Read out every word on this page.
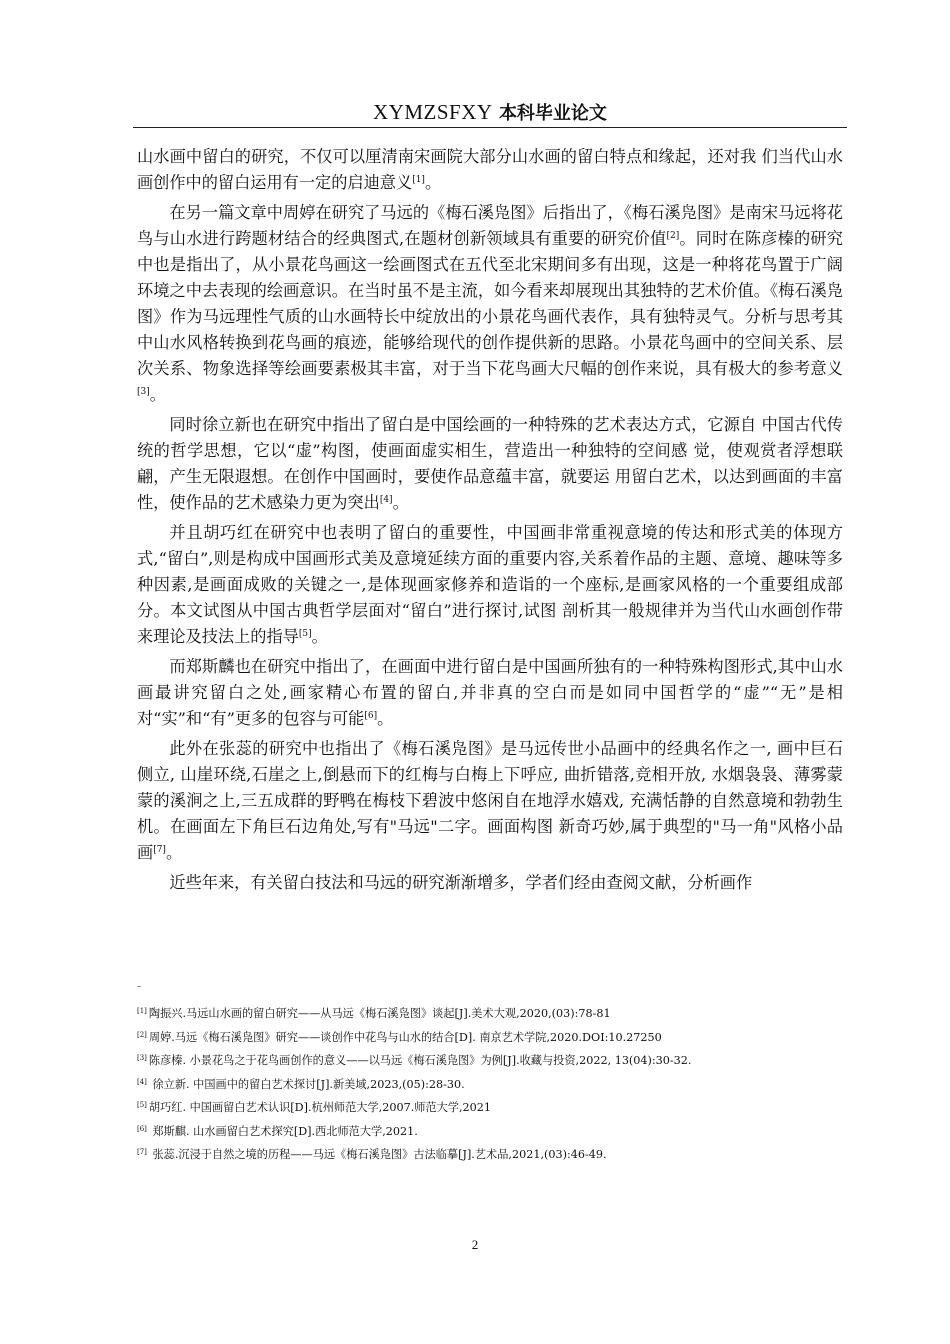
XYMZSFXY 本科毕业论文

山水画中留白的研究，不仅可以厘清南宋画院大部分山水画的留白特点和缘起，还对我 们当代山水画创作中的留白运用有一定的启迪意义[1]。

在另一篇文章中周婷在研究了马远的《梅石溪凫图》后指出了，《梅石溪凫图》是南宋马远将花鸟与山水进行跨题材结合的经典图式,在题材创新领域具有重要的研究价值[2]。同时在陈彦榛的研究中也是指出了，从小景花鸟画这一绘画图式在五代至北宋期间多有出现，这是一种将花鸟置于广阔环境之中去表现的绘画意识。在当时虽不是主流，如今看来却展现出其独特的艺术价值。《梅石溪凫图》作为马远理性气质的山水画特长中绽放出的小景花鸟画代表作，具有独特灵气。分析与思考其中山水风格转换到花鸟画的痕迹，能够给现代的创作提供新的思路。小景花鸟画中的空间关系、层次关系、物象选择等绘画要素极其丰富，对于当下花鸟画大尺幅的创作来说，具有极大的参考意义[3]。

同时徐立新也在研究中指出了留白是中国绘画的一种特殊的艺术表达方式，它源自 中国古代传统的哲学思想，它以“虚”构图，使画面虚实相生，营造出一种独特的空间感 觉，使观赏者浮想联翩，产生无限遐想。在创作中国画时，要使作品意蕴丰富，就要运 用留白艺术，以达到画面的丰富性，使作品的艺术感染力更为突出[4]。

并且胡巧红在研究中也表明了留白的重要性，中国画非常重视意境的传达和形式美的体现方式,“留白”,则是构成中国画形式美及意境延续方面的重要内容,关系着作品的主题、意境、趣味等多种因素,是画面成败的关键之一,是体现画家修养和造诣的一个座标,是画家风格的一个重要组成部分。本文试图从中国古典哲学层面对“留白”进行探讨,试图 剖析其一般规律并为当代山水画创作带来理论及技法上的指导[5]。

而郑斯麟也在研究中指出了，在画面中进行留白是中国画所独有的一种特殊构图形式,其中山水画最讲究留白之处,画家精心布置的留白,并非真的空白而是如同中国哲学的“虚”“无”是相对“实”和“有”更多的包容与可能[6]。

此外在张蕊的研究中也指出了《梅石溪凫图》是马远传世小品画中的经典名作之一, 画中巨石侧立, 山崖环绕,石崖之上,倒悬而下的红梅与白梅上下呼应, 曲折错落,竞相开放, 水烟袅袅、薄雾蒙蒙的溪涧之上,三五成群的野鸭在梅枝下碧波中悠闲自在地浮水嬉戏, 充满恬静的自然意境和勃勃生机。在画面左下角巨石边角处,写有"马远"二字。画面构图 新奇巧妙,属于典型的"马一角"风格小品画[7]。

近些年来，有关留白技法和马远的研究渐渐增多，学者们经由查阅文献，分析画作

[1] 陶振兴.马远山水画的留白研究——从马远《梅石溪凫图》谈起[J].美术大观,2020,(03):78-81
[2] 周婷.马远《梅石溪凫图》研究——谈创作中花鸟与山水的结合[D]. 南京艺术学院,2020.DOI:10.27250
[3] 陈彦榛. 小景花鸟之于花鸟画创作的意义——以马远《梅石溪凫图》为例[J].收藏与投资,2022, 13(04):30-32.
[4] 徐立新. 中国画中的留白艺术探讨[J].新美域,2023,(05):28-30.
[5] 胡巧红. 中国画留白艺术认识[D].杭州师范大学,2007.师范大学,2021
[6] 郑斯麒. 山水画留白艺术探究[D].西北师范大学,2021.
[7] 张蕊.沉浸于自然之境的历程——马远《梅石溪凫图》古法临摹[J].艺术品,2021,(03):46-49.
2
